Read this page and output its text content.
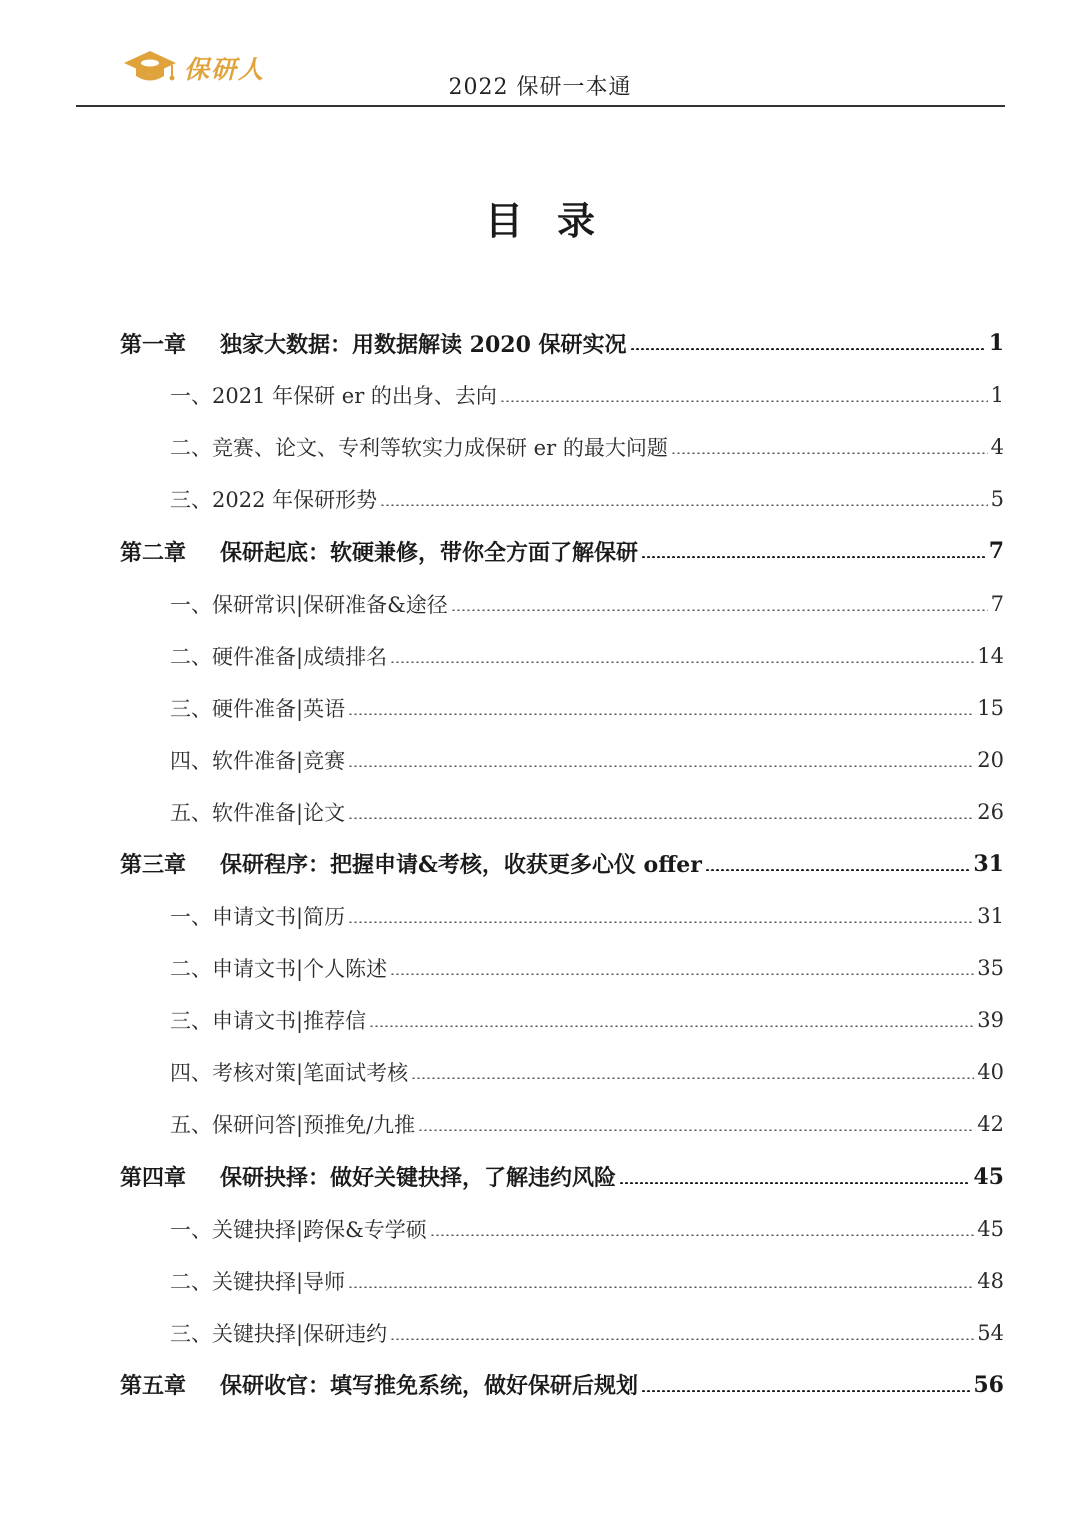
保研人
2022 保研一本通
目录
第一章 独家大数据：用数据解读 2020 保研实况	1
一、2021 年保研 er 的出身、去向	1
二、竞赛、论文、专利等软实力成保研 er 的最大问题	4
三、2022 年保研形势	5
第二章 保研起底：软硬兼修，带你全方面了解保研	7
一、保研常识|保研准备&途径	7
二、硬件准备|成绩排名	14
三、硬件准备|英语	15
四、软件准备|竞赛	20
五、软件准备|论文	26
第三章 保研程序：把握申请&考核，收获更多心仪 offer	31
一、申请文书|简历	31
二、申请文书|个人陈述	35
三、申请文书|推荐信	39
四、考核对策|笔面试考核	40
五、保研问答|预推免/九推	42
第四章 保研抉择：做好关键抉择，了解违约风险	45
一、关键抉择|跨保&专学硕	45
二、关键抉择|导师	48
三、关键抉择|保研违约	54
第五章 保研收官：填写推免系统，做好保研后规划	56
